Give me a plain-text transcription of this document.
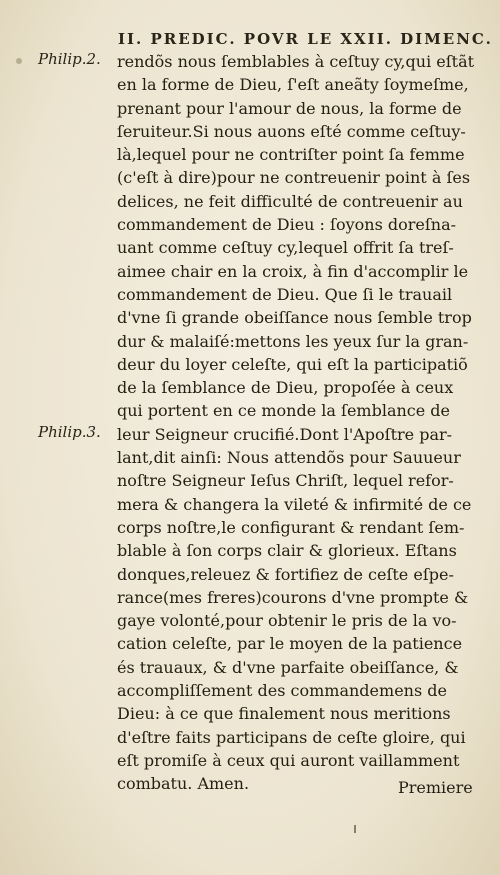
II. PREDIC. POVR LE XXII. DIMENC.
Philip.2.
Philip.3.
rendõs nous ſemblables à ceſtuy cy,qui eſtãt
en la forme de Dieu, ſ'eſt aneãty ſoymeſme,
prenant pour l'amour de nous, la forme de
ſeruiteur.Si nous auons eſté comme ceſtuy-
là,lequel pour ne contriſter point ſa femme
(c'eſt à dire)pour ne contreuenir point à ſes
delices, ne feit difficulté de contreuenir au
commandement de Dieu : ſoyons doreſna-
uant comme ceſtuy cy,lequel offrit ſa treſ-
aimee chair en la croix, à fin d'accomplir le
commandement de Dieu. Que ſi le trauail
d'vne ſi grande obeiſſance nous ſemble trop
dur & malaiſé:mettons les yeux ſur la gran-
deur du loyer celeſte, qui eſt la participatiõ
de la ſemblance de Dieu, propoſée à ceux
qui portent en ce monde la ſemblance de
leur Seigneur crucifié.Dont l'Apoſtre par-
lant,dit ainſi: Nous attendõs pour Sauueur
noſtre Seigneur Ieſus Chriſt, lequel refor-
mera & changera la vileté & infirmité de ce
corps noſtre,le configurant & rendant ſem-
blable à ſon corps clair & glorieux. Eſtans
donques,releuez & fortifiez de ceſte eſpe-
rance(mes freres)courons d'vne prompte &
gaye volonté,pour obtenir le pris de la vo-
cation celeſte, par le moyen de la patience
és trauaux, & d'vne parfaite obeiſſance, &
accompliſſement des commandemens de
Dieu: à ce que finalement nous meritions
d'eſtre faits participans de ceſte gloire, qui
eſt promiſe à ceux qui auront vaillamment
combatu. Amen.	Premiere
